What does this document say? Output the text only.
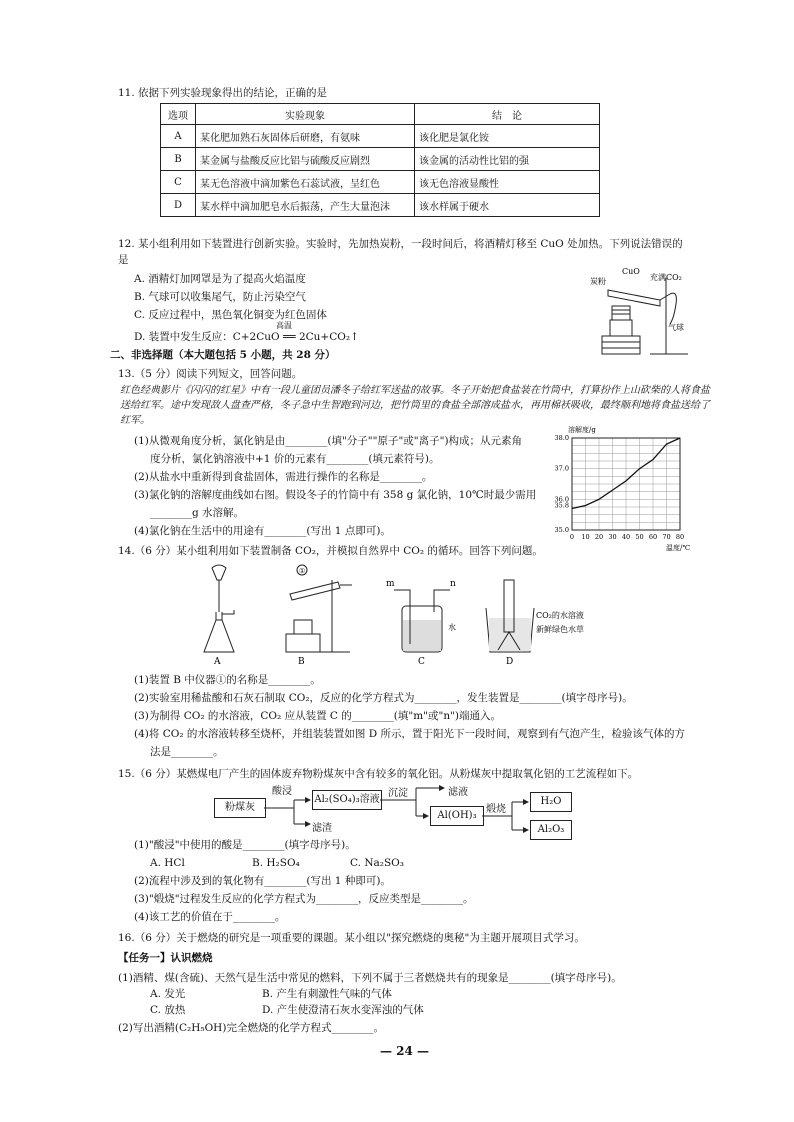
11. 依据下列实验现象得出的结论，正确的是
选项	实验现象	结　论
A	某化肥加熟石灰固体后研磨，有氨味	该化肥是氯化铵
B	某金属与盐酸反应比铝与硫酸反应剧烈	该金属的活动性比铝的强
C	某无色溶液中滴加紫色石蕊试液，呈红色	该无色溶液显酸性
D	某水样中滴加肥皂水后振荡，产生大量泡沫	该水样属于硬水
12. 某小组利用如下装置进行创新实验。实验时，先加热炭粉，一段时间后，将酒精灯移至 CuO 处加热。下列说法错误的
是
A. 酒精灯加网罩是为了提高火焰温度
B. 气球可以收集尾气，防止污染空气
C. 反应过程中，黑色氧化铜变为红色固体
D. 装置中发生反应：C+2CuO ══ 2Cu+CO₂↑
高温
炭粉
CuO
充满CO₂
气球
二、非选择题（本大题包括 5 小题，共 28 分）
13.（5 分）阅读下列短文，回答问题。
红色经典影片《闪闪的红星》中有一段儿童团员潘冬子给红军送盐的故事。冬子开始把食盐装在竹筒中，打算扮作上山砍柴的人将食盐送给红军。途中发现敌人盘查严格，冬子急中生智跑到河边，把竹筒里的食盐全部溶成盐水，再用棉袄吸收，最终顺利地将食盐送给了红军。
(1)从微观角度分析，氯化钠是由________(填"分子""原子"或"离子")构成；从元素角
度分析，氯化钠溶液中+1 价的元素有________(填元素符号)。
(2)从盐水中重新得到食盐固体，需进行操作的名称是________。
(3)氯化钠的溶解度曲线如右图。假设冬子的竹筒中有 358 g 氯化钠，10℃时最少需用
________g 水溶解。
(4)氯化钠在生活中的用途有________(写出 1 点即可)。	0 10 20 30 40 50 60 70 80
35.0
35.8
36.0
37.0
38.0
溶解度/g
温度/℃
14.（6 分）某小组利用如下装置制备 CO₂，并模拟自然界中 CO₂ 的循环。回答下列问题。
A
①
B
m	n
水
C
CO₂的水溶液
新鲜绿色水草
D
(1)装置 B 中仪器①的名称是________。
(2)实验室用稀盐酸和石灰石制取 CO₂，反应的化学方程式为________，发生装置是________(填字母序号)。
(3)为制得 CO₂ 的水溶液，CO₂ 应从装置 C 的________(填"m"或"n")端通入。
(4)将 CO₂ 的水溶液转移至烧杯，并组装装置如图 D 所示，置于阳光下一段时间，观察到有气泡产生，检验该气体的方
法是________。
15.（6 分）某燃煤电厂产生的固体废弃物粉煤灰中含有较多的氧化铝。从粉煤灰中提取氧化铝的工艺流程如下。
粉煤灰
酸浸
Al₂(SO₄)₃溶液
沉淀	滤液
Al(OH)₃
煅烧
H₂O
Al₂O₃
滤渣
(1)"酸浸"中使用的酸是________(填字母序号)。
A. HCl	B. H₂SO₄	C. Na₂SO₃
(2)流程中涉及到的氧化物有________(写出 1 种即可)。
(3)"煅烧"过程发生反应的化学方程式为________，反应类型是________。
(4)该工艺的价值在于________。
16.（6 分）关于燃烧的研究是一项重要的课题。某小组以"探究燃烧的奥秘"为主题开展项目式学习。
【任务一】认识燃烧
(1)酒精、煤(含硫)、天然气是生活中常见的燃料，下列不属于三者燃烧共有的现象是________(填字母序号)。
A. 发光	B. 产生有刺激性气味的气体
C. 放热	D. 产生使澄清石灰水变浑浊的气体
(2)写出酒精(C₂H₅OH)完全燃烧的化学方程式________。
— 24 —
